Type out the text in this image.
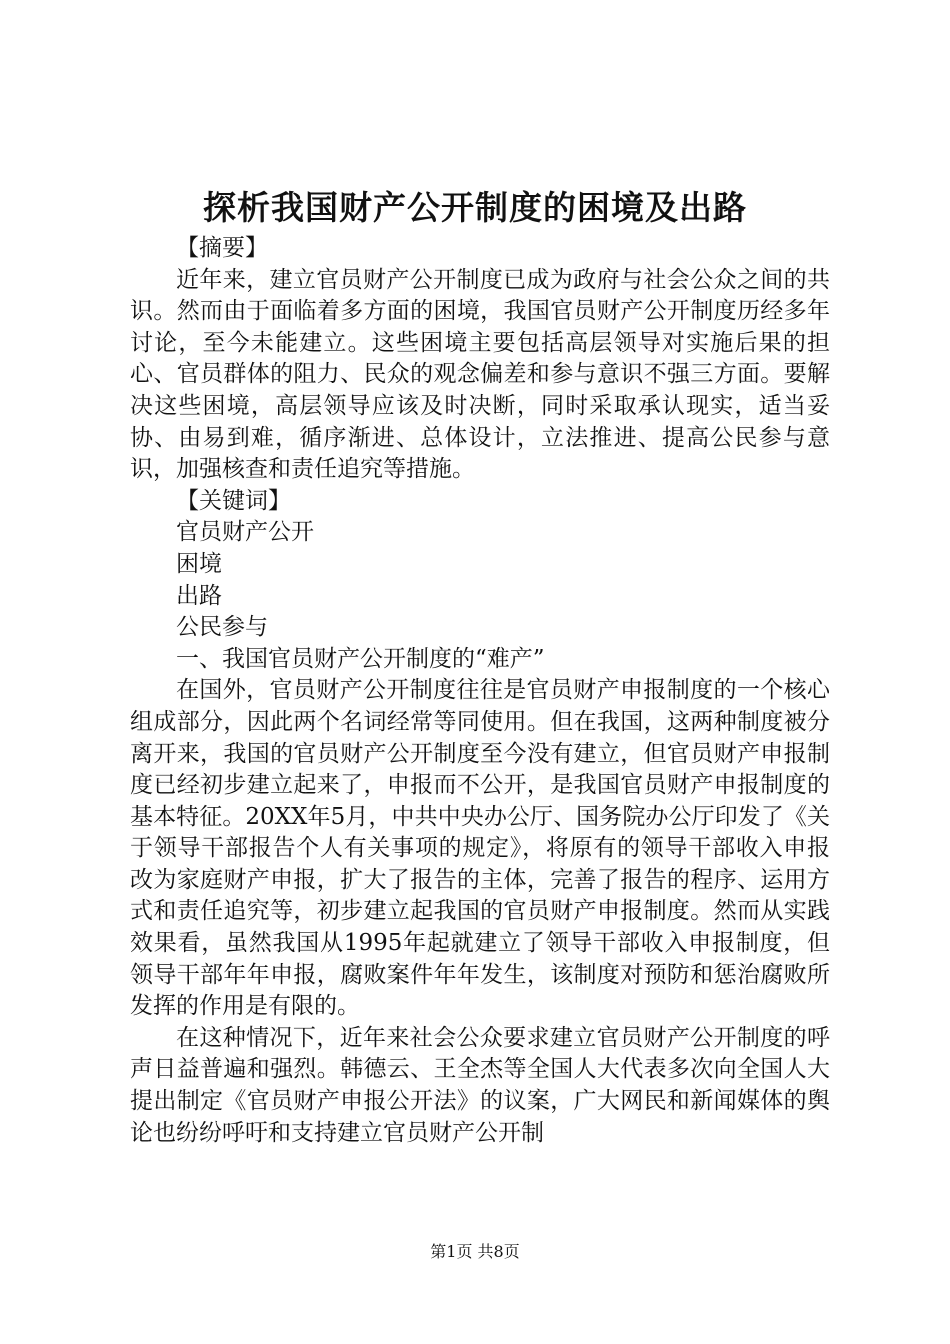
探析我国财产公开制度的困境及出路

【摘要】

近年来，建立官员财产公开制度已成为政府与社会公众之间的共识。然而由于面临着多方面的困境，我国官员财产公开制度历经多年讨论，至今未能建立。这些困境主要包括高层领导对实施后果的担心、官员群体的阻力、民众的观念偏差和参与意识不强三方面。要解决这些困境，高层领导应该及时决断，同时采取承认现实，适当妥协、由易到难，循序渐进、总体设计，立法推进、提高公民参与意识，加强核查和责任追究等措施。

【关键词】

官员财产公开

困境

出路

公民参与

一、我国官员财产公开制度的“难产”

在国外，官员财产公开制度往往是官员财产申报制度的一个核心组成部分，因此两个名词经常等同使用。但在我国，这两种制度被分离开来，我国的官员财产公开制度至今没有建立，但官员财产申报制度已经初步建立起来了，申报而不公开，是我国官员财产申报制度的基本特征。20XX年5月，中共中央办公厅、国务院办公厅印发了《关于领导干部报告个人有关事项的规定》，将原有的领导干部收入申报改为家庭财产申报，扩大了报告的主体，完善了报告的程序、运用方式和责任追究等，初步建立起我国的官员财产申报制度。然而从实践效果看，虽然我国从1995年起就建立了领导干部收入申报制度，但领导干部年年申报，腐败案件年年发生，该制度对预防和惩治腐败所发挥的作用是有限的。

在这种情况下，近年来社会公众要求建立官员财产公开制度的呼声日益普遍和强烈。韩德云、王全杰等全国人大代表多次向全国人大提出制定《官员财产申报公开法》的议案，广大网民和新闻媒体的舆论也纷纷呼吁和支持建立官员财产公开制

第1页 共8页
